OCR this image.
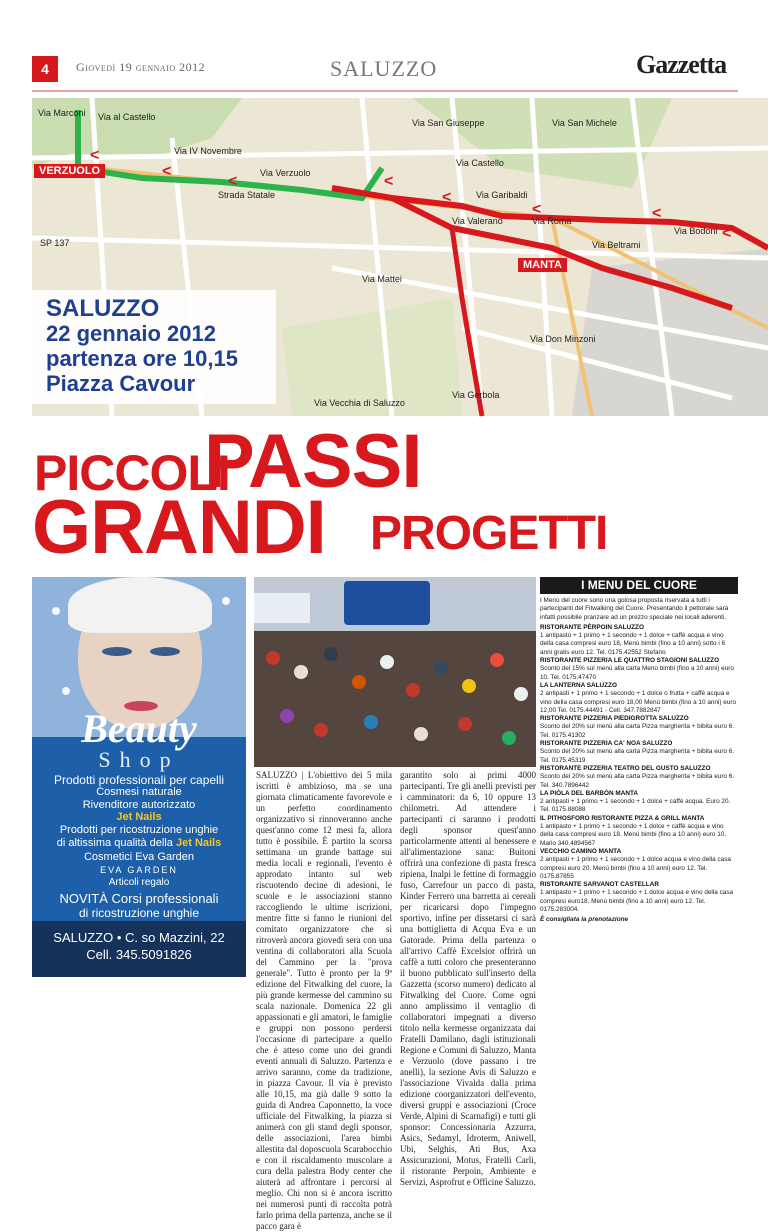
4	Giovedì 19 gennaio 2012	SALUZZO	Gazzetta
<
<
<	<
<
<	<
<
Via Marconi Via al Castello
Via IV Novembre
Via Verzuolo
Strada Statale	Via Garibaldi
Via Valerano	Via Roma
Via Bodoni
Via Beltrami
Via Mattei
Via Don Minzoni
Via Gerbola
Via Vecchia di Saluzzo
Via Castello
Via San Giuseppe	Via San Michele
SP 137
VERZUOLO
MANTA
SALUZZO
22 gennaio 2012
partenza ore 10,15
Piazza Cavour
PICCOLI
PASSI
GRANDI PROGETTI
Beauty
Shop
Prodotti professionali per capelli
Cosmesi naturale
Rivenditore autorizzato
Jet Nails
Prodotti per ricostruzione unghie
di altissima qualità della Jet Nails
Cosmetici Eva Garden
EVA GARDEN
Articoli regalo
SALUZZO • C. so Mazzini, 22
Cell. 345.5091826
NOVITÀ Corsi professionali
di ricostruzione unghie
SALUZZO | L'obiettivo dei 5 mila iscritti è ambizioso, ma se una giornata climaticamente favorevole e un perfetto coordinamento organizzativo si rinnoveranno anche quest'anno come 12 mesi fa, allora tutto è possibile. È partito la scorsa settimana un grande battage sui media locali e regionali, l'evento è approdato intanto sul web riscuotendo decine di adesioni, le scuole e le associazioni stanno raccogliendo le ultime iscrizioni, mentre fitte si fanno le riunioni del comitato organizzatore che si ritroverà ancora giovedì sera con una ventina di collaboratori alla Scuola del Cammino per la "prova generale". Tutto è pronto per la 9ª edizione del Fitwalking del cuore, la più grande kermesse del cammino su scala nazionale. Domenica 22 gli appassionati e gli amatori, le famiglie e gruppi non possono perdersi l'occasione di partecipare a quello che è atteso come uno dei grandi eventi annuali di Saluzzo. Partenza e arrivo saranno, come da tradizione, in piazza Cavour. Il via è previsto alle 10,15, ma già dalle 9 sotto la guida di Andrea Caponnetto, la voce ufficiale del Fitwalking, la piazza si animerà con gli stand degli sponsor, delle associazioni, l'area bimbi allestita dal doposcuola Scarabocchio e con il riscaldamento muscolare a cura della palestra Body center che aiuterà ad affrontare i percorsi al meglio. Chi non si è ancora iscritto nei numerosi punti di raccolta potrà farlo prima della partenza, anche se il pacco gara è
garantito solo ai primi 4000 partecipanti. Tre gli anelli previsti per i camminatori: da 6, 10 oppure 13 chilometri. Ad attendere i partecipanti ci saranno i prodotti degli sponsor quest'anno particolarmente attenti al benessere e all'alimentazione sana: Buitoni offrirà una confezione di pasta fresca ripiena, Inalpi le fettine di formaggio fuso, Carrefour un pacco di pasta, Kinder Ferrero una barretta ai cereali per ricaricarsi dopo l'impegno sportivo, infine per dissetarsi ci sarà una bottiglietta di Acqua Eva e un Gatorade. Prima della partenza o all'arrivo Caffè Excelsior offrirà un caffè a tutti coloro che presenteranno il buono pubblicato sull'inserto della Gazzetta (scorso numero) dedicato al Fitwalking del Cuore. Come ogni anno amplissimo il ventaglio di collaboratori impegnati a diverso titolo nella kermesse organizzata dai Fratelli Damilano, dagli istituzionali Regione e Comuni di Saluzzo, Manta e Verzuolo (dove passano i tre anelli), la sezione Avis di Saluzzo e l'associazione Vivalda dalla prima edizione coorganizzatori dell'evento, diversi gruppi e associazioni (Croce Verde, Alpini di Scarnafigi) e tutti gli sponsor: Concessionaria Azzurra, Asics, Sedamyl, Idroterm, Aniwell, Ubi, Selghis, Ati Bus, Axa Assicurazioni, Motus, Fratelli Carli, il ristorante Perpoin, Ambiente e Servizi, Asprofrut e Officine Saluzzo.
I MENU DEL CUORE
I Menù del cuore sono una golosa proposta riservata a tutti i partecipanti del Fitwalking del Cuore. Presentando il pettorale sarà infatti possibile pranzare ad un prezzo speciale nei locali aderenti.
RISTORANTE PÈRPOIN SALUZZO
1 antipasto + 1 primo + 1 secondo + 1 dolce + caffè acqua e vino della casa compresi euro 18, Menù bimbi (fino a 10 anni) sotto i 6 anni gratis euro 12. Tel. 0175.42552 Stefano
RISTORANTE PIZZERIA LE QUATTRO STAGIONI SALUZZO
Sconto del 15% sul menù alla carta Menù bimbi (fino a 10 anni) euro 10. Tel. 0175.47470
LA LANTERNA SALUZZO
2 antipasti + 1 primo + 1 secondo + 1 dolce o frutta + caffè acqua e vino della casa compresi euro 18,00 Menù bimbi (fino a 10 anni) euro 12,00 Tel. 0175.44491 - Cell. 347.7882847
RISTORANTE PIZZERIA PIEDIGROTTA SALUZZO
Sconto del 20% sul menù alla carta Pizza margherita + bibita euro 6. Tel. 0175.41302
RISTORANTE PIZZERIA CA' NOA SALUZZO
Sconto del 20% sul menù alla carta Pizza margherita + bibita euro 6. Tel. 0175.45319
RISTORANTE PIZZERIA TEATRO DEL GUSTO SALUZZO
Sconto del 20% sul menù alla carta Pizza margherita + bibita euro 6. Tel. 340.7896442
LA PIÒLA DEL BARBÒN MANTA
2 antipasti + 1 primo + 1 secondo + 1 dolce + caffè acqua. Euro 20. Tel. 0175.88088
IL PITHOSFORO RISTORANTE PIZZA & GRILL MANTA
1 antipasto + 1 primo + 1 secondo + 1 dolce + caffè acqua e vino della casa compresi euro 18. Menù bimbi (fino a 10 anni) euro 10. Mario 340.4894567
VECCHIO CAMINO MANTA
2 antipasti + 1 primo + 1 secondo + 1 dolce acqua e vino della casa compresi euro 20. Menù bimbi (fino a 10 anni) euro 12. Tel. 0175.87855
RISTORANTE SARVANOT CASTELLAR
1 antipasto + 1 primo + 1 secondo + 1 dolce acqua e vino della casa compresi euro18. Menù bimbi (fino a 10 anni) euro 12. Tel. 0175.283004.
È consigliata la prenotazione
